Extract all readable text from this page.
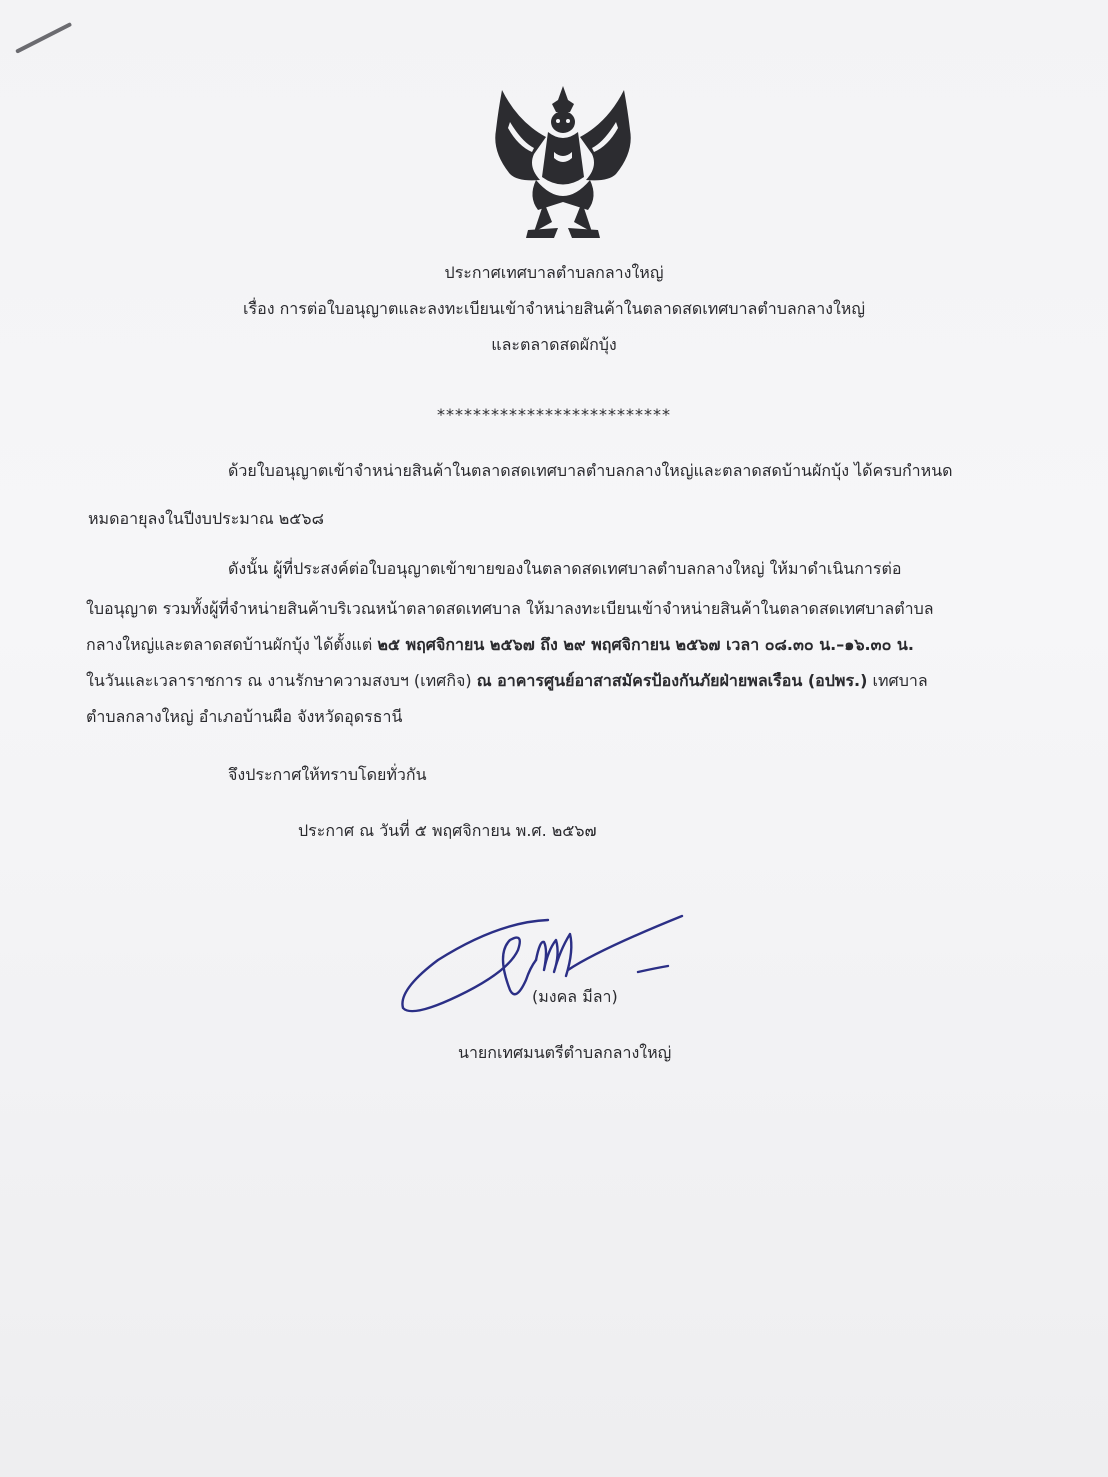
ประกาศเทศบาลตำบลกลางใหญ่
เรื่อง การต่อใบอนุญาตและลงทะเบียนเข้าจำหน่ายสินค้าในตลาดสดเทศบาลตำบลกลางใหญ่
และตลาดสดผักบุ้ง
**************************
ด้วยใบอนุญาตเข้าจำหน่ายสินค้าในตลาดสดเทศบาลตำบลกลางใหญ่และตลาดสดบ้านผักบุ้ง ได้ครบกำหนด
หมดอายุลงในปีงบประมาณ ๒๕๖๘
ดังนั้น ผู้ที่ประสงค์ต่อใบอนุญาตเข้าขายของในตลาดสดเทศบาลตำบลกลางใหญ่ ให้มาดำเนินการต่อ
ใบอนุญาต รวมทั้งผู้ที่จำหน่ายสินค้าบริเวณหน้าตลาดสดเทศบาล ให้มาลงทะเบียนเข้าจำหน่ายสินค้าในตลาดสดเทศบาลตำบล
กลางใหญ่และตลาดสดบ้านผักบุ้ง ได้ตั้งแต่ ๒๕ พฤศจิกายน ๒๕๖๗ ถึง ๒๙ พฤศจิกายน ๒๕๖๗ เวลา ๐๘.๓๐ น.–๑๖.๓๐ น.
ในวันและเวลาราชการ ณ งานรักษาความสงบฯ (เทศกิจ) ณ อาคารศูนย์อาสาสมัครป้องกันภัยฝ่ายพลเรือน (อปพร.) เทศบาล
ตำบลกลางใหญ่ อำเภอบ้านผือ จังหวัดอุดรธานี
จึงประกาศให้ทราบโดยทั่วกัน
ประกาศ ณ วันที่ ๕ พฤศจิกายน พ.ศ. ๒๕๖๗
(มงคล มีลา)
นายกเทศมนตรีตำบลกลางใหญ่
